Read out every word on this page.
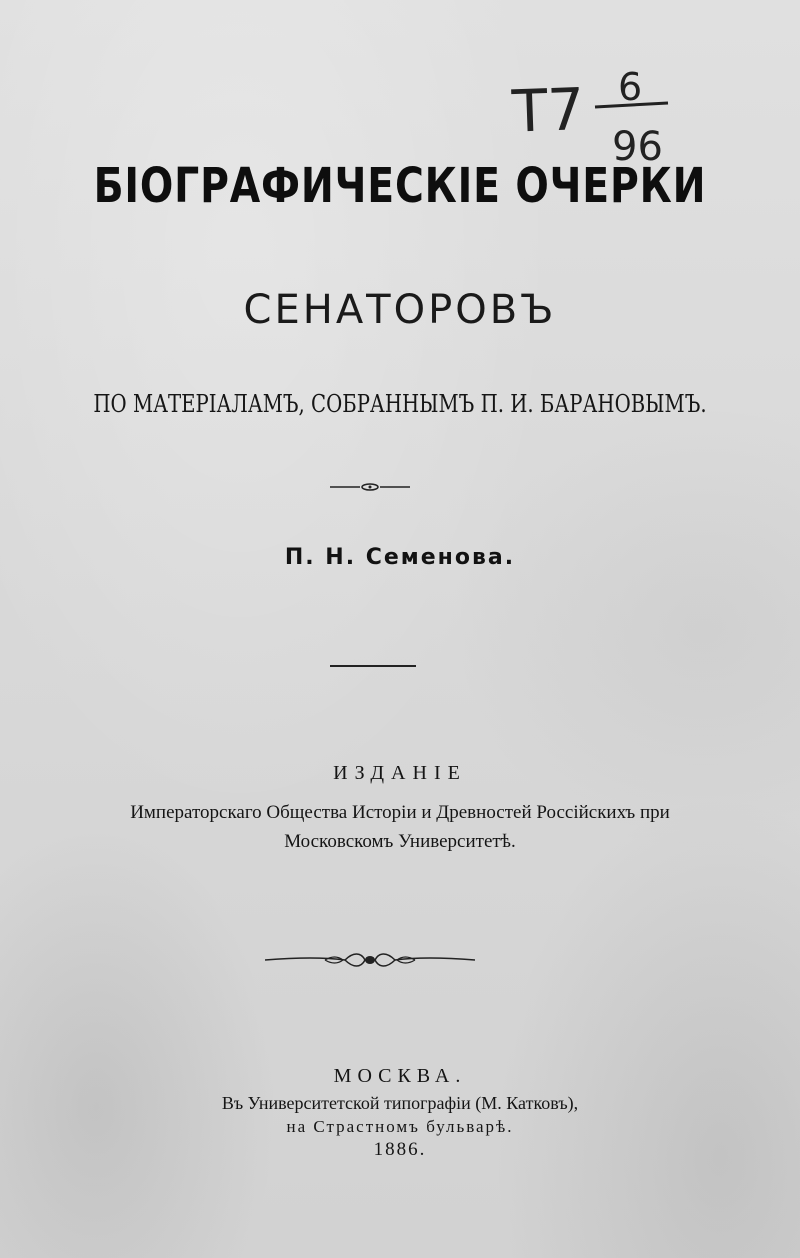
Т7 6
96
БІОГРАФИЧЕСКІЕ ОЧЕРКИ
СЕНАТОРОВЪ
ПО МАТЕРІАЛАМЪ, СОБРАННЫМЪ П. И. БАРАНОВЫМЪ.
П. Н. Семенова.
ИЗДАНІЕ
Императорскаго Общества Исторіи и Древностей Россійскихъ при
Московскомъ Университетѣ.
МОСКВА.
Въ Университетской типографіи (М. Катковъ),
на Страстномъ бульварѣ.
1886.
